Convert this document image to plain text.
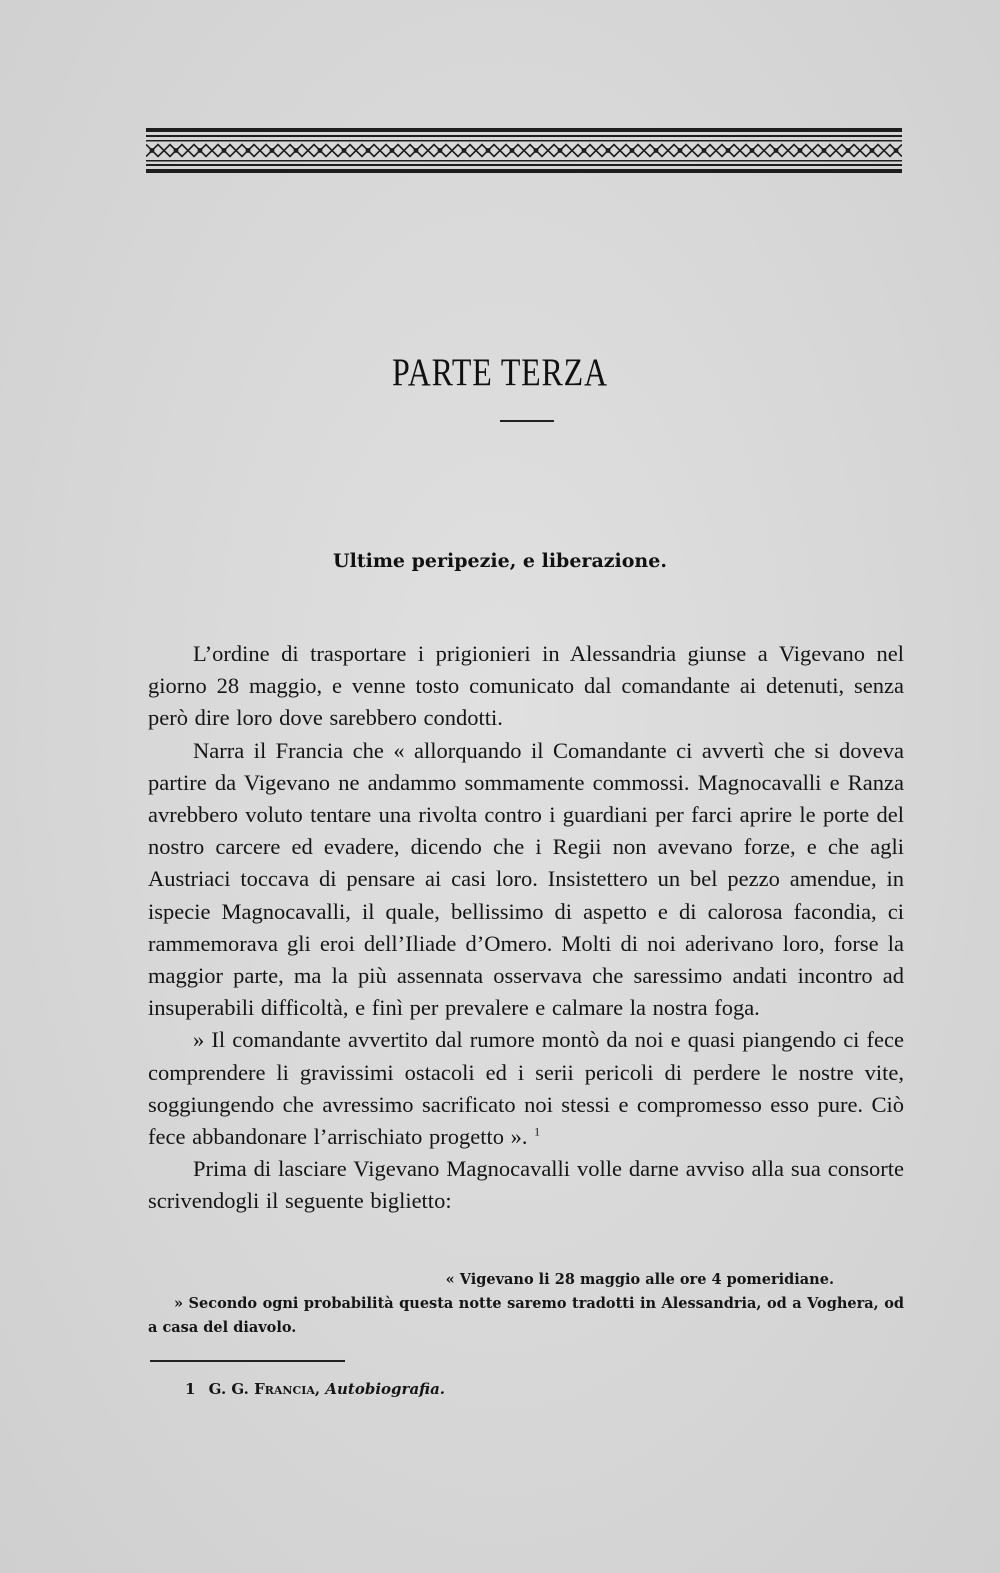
PARTE TERZA
Ultime peripezie, e liberazione.

L’ordine di trasportare i prigionieri in Alessandria giunse a Vigevano nel giorno 28 maggio, e venne tosto comunicato dal comandante ai detenuti, senza però dire loro dove sarebbero condotti.

Narra il Francia che « allorquando il Comandante ci avvertì che si doveva partire da Vigevano ne andammo sommamente commossi. Magnocavalli e Ranza avrebbero voluto tentare una rivolta contro i guardiani per farci aprire le porte del nostro carcere ed evadere, dicendo che i Regii non avevano forze, e che agli Austriaci toccava di pensare ai casi loro. Insistettero un bel pezzo amendue, in ispecie Magnocavalli, il quale, bellissimo di aspetto e di calorosa facondia, ci rammemorava gli eroi dell’Iliade d’Omero. Molti di noi aderivano loro, forse la maggior parte, ma la più assennata osservava che saressimo andati incontro ad insuperabili difficoltà, e finì per prevalere e calmare la nostra foga.

» Il comandante avvertito dal rumore montò da noi e quasi piangendo ci fece comprendere li gravissimi ostacoli ed i serii pericoli di perdere le nostre vite, soggiungendo che avressimo sacrificato noi stessi e compromesso esso pure. Ciò fece abbandonare l’arrischiato progetto ». $^1$

Prima di lasciare Vigevano Magnocavalli volle darne avviso alla sua consorte scrivendogli il seguente biglietto:

« Vigevano li 28 maggio alle ore 4 pomeridiane.
» Secondo ogni probabilità questa notte saremo tradotti in Alessandria, od a Voghera, od a casa del diavolo.
1 G. G. Francia, Autobiografia.
